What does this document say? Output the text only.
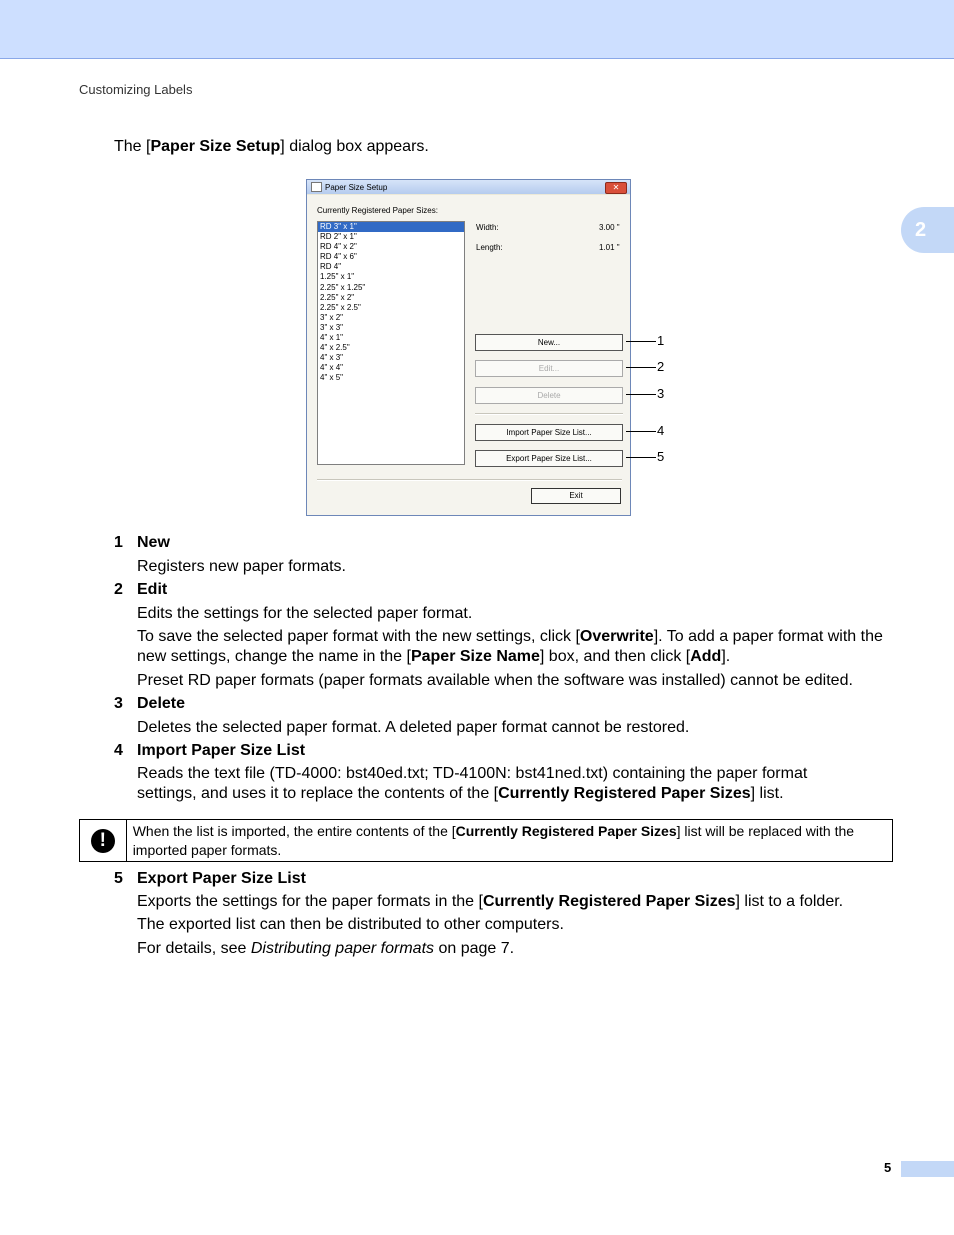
Customizing Labels
2
The [Paper Size Setup] dialog box appears.
Paper Size Setup	✕
Currently Registered Paper Sizes:
RD 3" x 1"
RD 2" x 1"
RD 4" x 2"
RD 4" x 6"
RD 4"
1.25" x 1"
2.25" x 1.25"
2.25" x 2"
2.25" x 2.5"
3" x 2"
3" x 3"
4" x 1"
4" x 2.5"
4" x 3"
4" x 4"
4" x 5"
Width:	3.00 "
Length:	1.01 "
New...
Edit...
Delete
Import Paper Size List...
Export Paper Size List...
Exit
1
2
3
4
5
1 New
Registers new paper formats.
2 Edit
Edits the settings for the selected paper format.
To save the selected paper format with the new settings, click [Overwrite]. To add a paper format with the new settings, change the name in the [Paper Size Name] box, and then click [Add].
Preset RD paper formats (paper formats available when the software was installed) cannot be edited.
3 Delete
Deletes the selected paper format. A deleted paper format cannot be restored.
4 Import Paper Size List
Reads the text file (TD-4000: bst40ed.txt; TD-4100N: bst41ned.txt) containing the paper format settings, and uses it to replace the contents of the [Currently Registered Paper Sizes] list.
!	When the list is imported, the entire contents of the [Currently Registered Paper Sizes] list will be replaced with the imported paper formats.
5 Export Paper Size List
Exports the settings for the paper formats in the [Currently Registered Paper Sizes] list to a folder.
The exported list can then be distributed to other computers.
For details, see Distributing paper formats on page 7.
5
